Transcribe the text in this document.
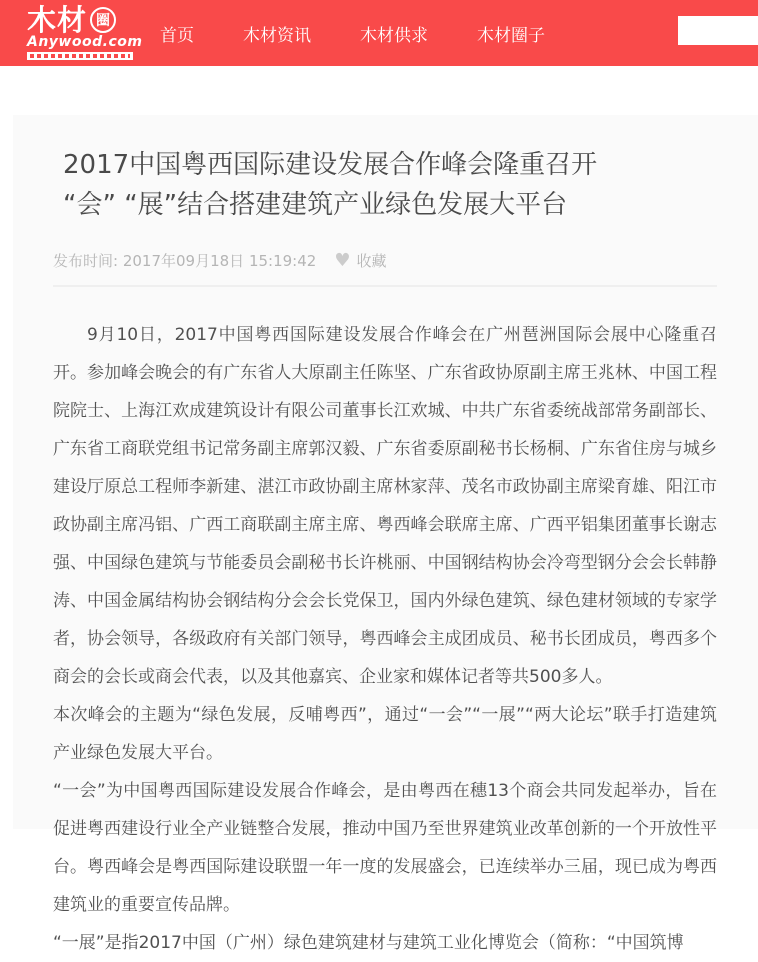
木材 圈
Anywood.com 首页	木材资讯	木材供求	木材圈子
2017中国粤西国际建设发展合作峰会隆重召开
“会” “展”结合搭建建筑产业绿色发展大平台
发布时间: 2017年09月18日 15:19:42 ♥ 收藏

9月10日，2017中国粤西国际建设发展合作峰会在广州琶洲国际会展中心隆重召开。参加峰会晚会的有广东省人大原副主任陈坚、广东省政协原副主席王兆林、中国工程院院士、上海江欢成建筑设计有限公司董事长江欢城、中共广东省委统战部常务副部长、广东省工商联党组书记常务副主席郭汉毅、广东省委原副秘书长杨桐、广东省住房与城乡建设厅原总工程师李新建、湛江市政协副主席林家萍、茂名市政协副主席梁育雄、阳江市政协副主席冯铝、广西工商联副主席主席、粤西峰会联席主席、广西平铝集团董事长谢志强、中国绿色建筑与节能委员会副秘书长许桃丽、中国钢结构协会冷弯型钢分会会长韩静涛、中国金属结构协会钢结构分会会长党保卫，国内外绿色建筑、绿色建材领域的专家学者，协会领导，各级政府有关部门领导，粤西峰会主成团成员、秘书长团成员，粤西多个商会的会长或商会代表，以及其他嘉宾、企业家和媒体记者等共500多人。

本次峰会的主题为“绿色发展，反哺粤西”，通过“一会”“一展”“两大论坛”联手打造建筑产业绿色发展大平台。

“一会”为中国粤西国际建设发展合作峰会，是由粤西在穗13个商会共同发起举办，旨在促进粤西建设行业全产业链整合发展，推动中国乃至世界建筑业改革创新的一个开放性平台。粤西峰会是粤西国际建设联盟一年一度的发展盛会，已连续举办三届，现已成为粤西建筑业的重要宣传品牌。

“一展”是指2017中国（广州）绿色建筑建材与建筑工业化博览会（简称：“中国筑博
